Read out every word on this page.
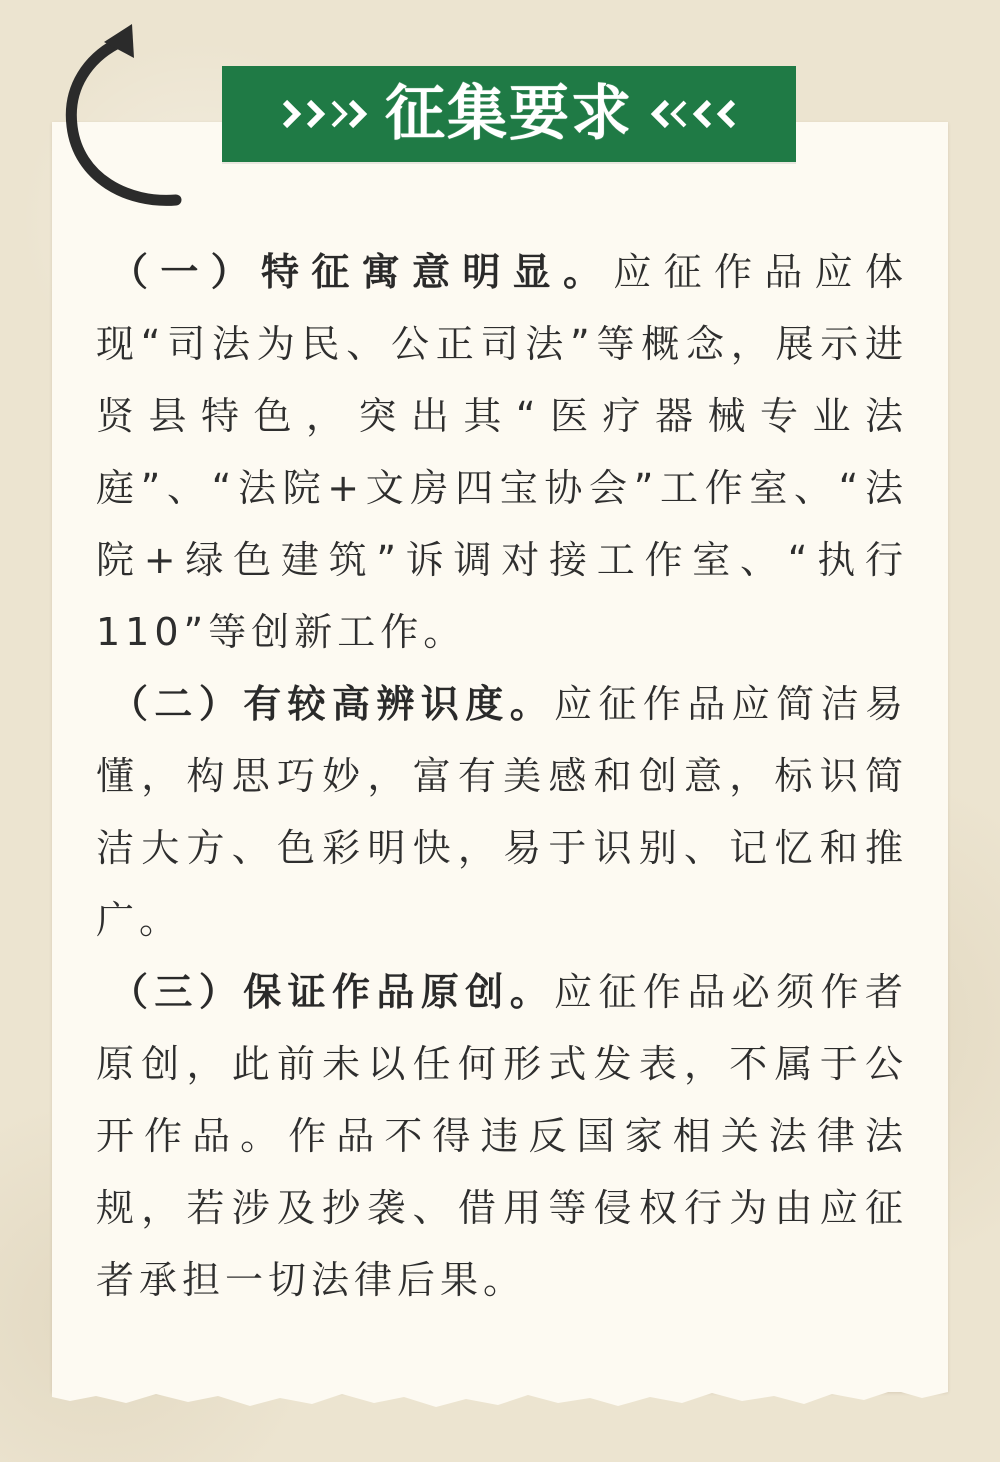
征集要求

（一）特征寓意明显。应征作品应体现“司法为民、公正司法”等概念，展示进贤县特色，突出其“医疗器械专业法庭”、“法院+文房四宝协会”工作室、“法院+绿色建筑”诉调对接工作室、“执行110”等创新工作。

（二）有较高辨识度。应征作品应简洁易懂，构思巧妙，富有美感和创意，标识简洁大方、色彩明快，易于识别、记忆和推广。

（三）保证作品原创。应征作品必须作者原创，此前未以任何形式发表，不属于公开作品。作品不得违反国家相关法律法规，若涉及抄袭、借用等侵权行为由应征者承担一切法律后果。
